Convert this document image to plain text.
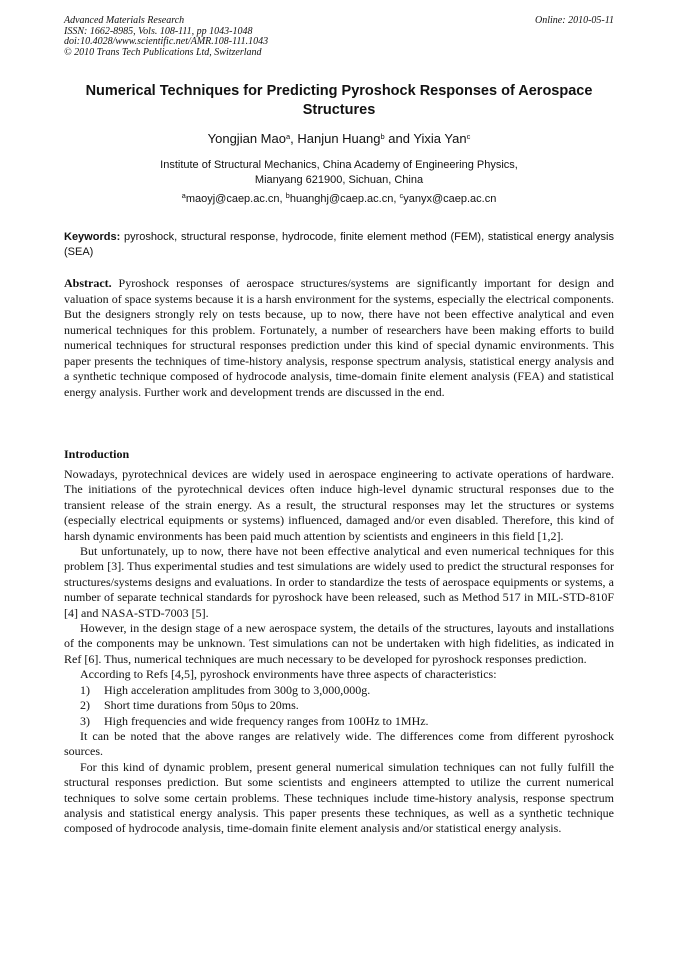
Advanced Materials Research
ISSN: 1662-8985, Vols. 108-111, pp 1043-1048
doi:10.4028/www.scientific.net/AMR.108-111.1043
© 2010 Trans Tech Publications Ltd, Switzerland
Online: 2010-05-11
Numerical Techniques for Predicting Pyroshock Responses of Aerospace Structures
Yongjian Mao$^a$, Hanjun Huang$^b$ and Yixia Yan$^c$
Institute of Structural Mechanics, China Academy of Engineering Physics,
Mianyang 621900, Sichuan, China
$^a$maoyj@caep.ac.cn, $^b$huanghj@caep.ac.cn, $^c$yanyx@caep.ac.cn
Keywords: pyroshock, structural response, hydrocode, finite element method (FEM), statistical energy analysis (SEA)
Abstract. Pyroshock responses of aerospace structures/systems are significantly important for design and valuation of space systems because it is a harsh environment for the systems, especially the electrical components. But the designers strongly rely on tests because, up to now, there have not been effective analytical and even numerical techniques for this problem. Fortunately, a number of researchers have been making efforts to build numerical techniques for structural responses prediction under this kind of special dynamic environments. This paper presents the techniques of time-history analysis, response spectrum analysis, statistical energy analysis and a synthetic technique composed of hydrocode analysis, time-domain finite element analysis (FEA) and statistical energy analysis. Further work and development trends are discussed in the end.
Introduction

Nowadays, pyrotechnical devices are widely used in aerospace engineering to activate operations of hardware. The initiations of the pyrotechnical devices often induce high-level dynamic structural responses due to the transient release of the strain energy. As a result, the structural responses may let the structures or systems (especially electrical equipments or systems) influenced, damaged and/or even disabled. Therefore, this kind of harsh dynamic environments has been paid much attention by scientists and engineers in this field [1,2].

But unfortunately, up to now, there have not been effective analytical and even numerical techniques for this problem [3]. Thus experimental studies and test simulations are widely used to predict the structural responses for structures/systems designs and evaluations. In order to standardize the tests of aerospace equipments or systems, a number of separate technical standards for pyroshock have been released, such as Method 517 in MIL-STD-810F [4] and NASA-STD-7003 [5].

However, in the design stage of a new aerospace system, the details of the structures, layouts and installations of the components may be unknown. Test simulations can not be undertaken with high fidelities, as indicated in Ref [6]. Thus, numerical techniques are much necessary to be developed for pyroshock responses prediction.

According to Refs [4,5], pyroshock environments have three aspects of characteristics:

1) High acceleration amplitudes from 300g to 3,000,000g.
2) Short time durations from 50μs to 20ms.
3) High frequencies and wide frequency ranges from 100Hz to 1MHz.

It can be noted that the above ranges are relatively wide. The differences come from different pyroshock sources.

For this kind of dynamic problem, present general numerical simulation techniques can not fully fulfill the structural responses prediction. But some scientists and engineers attempted to utilize the current numerical techniques to solve some certain problems. These techniques include time-history analysis, response spectrum analysis and statistical energy analysis. This paper presents these techniques, as well as a synthetic technique composed of hydrocode analysis, time-domain finite element analysis and/or statistical energy analysis.
